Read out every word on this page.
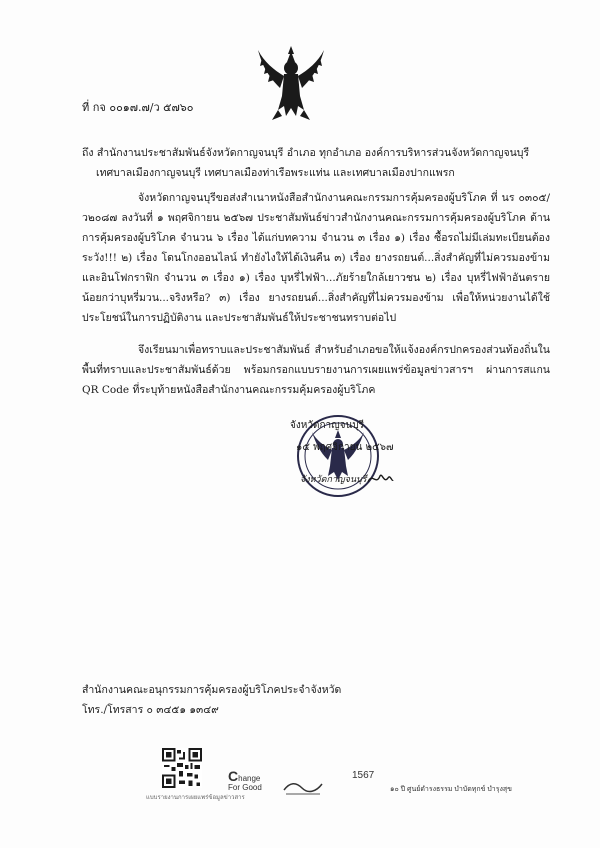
ที่ กจ ๐๐๑๗.๗/ว ๕๗๖๐
ถึง สำนักงานประชาสัมพันธ์จังหวัดกาญจนบุรี อำเภอ ทุกอำเภอ องค์การบริหารส่วนจังหวัดกาญจนบุรี
เทศบาลเมืองกาญจนบุรี เทศบาลเมืองท่าเรือพระแท่น และเทศบาลเมืองปากแพรก

จังหวัดกาญจนบุรีขอส่งสำเนาหนังสือสำนักงานคณะกรรมการคุ้มครองผู้บริโภค ที่ นร ๐๓๐๕/ว๒๐๘๗ ลงวันที่ ๑ พฤศจิกายน ๒๕๖๗ ประชาสัมพันธ์ข่าวสำนักงานคณะกรรมการคุ้มครองผู้บริโภค ด้านการคุ้มครองผู้บริโภค จำนวน ๖ เรื่อง ได้แก่บทความ จำนวน ๓ เรื่อง ๑) เรื่อง ซื้อรถไม่มีเล่มทะเบียนต้องระวัง!!! ๒) เรื่อง โดนโกงออนไลน์ ทำยังไงให้ได้เงินคืน ๓) เรื่อง ยางรถยนต์...สิ่งสำคัญที่ไม่ควรมองข้าม และอินโฟกราฟิก จำนวน ๓ เรื่อง ๑) เรื่อง บุหรี่ไฟฟ้า...ภัยร้ายใกล้เยาวชน ๒) เรื่อง บุหรี่ไฟฟ้าอันตรายน้อยกว่าบุหรี่มวน...จริงหรือ? ๓) เรื่อง ยางรถยนต์...สิ่งสำคัญที่ไม่ควรมองข้าม เพื่อให้หน่วยงานได้ใช้ประโยชน์ในการปฏิบัติงาน และประชาสัมพันธ์ให้ประชาชนทราบต่อไป

จึงเรียนมาเพื่อทราบและประชาสัมพันธ์ สำหรับอำเภอขอให้แจ้งองค์กรปกครองส่วนท้องถิ่นในพื้นที่ทราบและประชาสัมพันธ์ด้วย พร้อมกรอกแบบรายงานการเผยแพร่ข้อมูลข่าวสารฯ ผ่านการสแกน QR Code ที่ระบุท้ายหนังสือสำนักงานคณะกรรมคุ้มครองผู้บริโภค

จังหวัดกาญจนบุรี
๑๕ พฤศจิกายน ๒๕๖๗
จังหวัดกาญจนบุรี
สำนักงานคณะอนุกรรมการคุ้มครองผู้บริโภคประจำจังหวัด
โทร./โทรสาร ๐ ๓๔๕๑ ๑๓๔๙
แบบรายงานการเผยแพร่ข้อมูลข่าวสาร
Change
For Good
1567
๑๐ ปี ศูนย์ดำรงธรรม บำบัดทุกข์ บำรุงสุข
